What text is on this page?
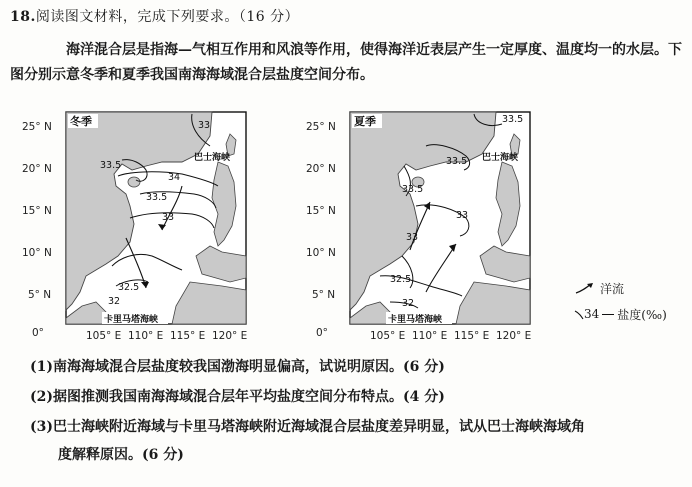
18.阅读图文材料，完成下列要求。（16 分）
海洋混合层是指海—气相互作用和风浪等作用，使得海洋近表层产生一定厚度、温度均一的水层。下图分别示意冬季和夏季我国南海海域混合层盐度空间分布。
25° N
20° N
15° N
10° N
5° N
0°
33.5
34
33.5
33
32.5
32
33
冬季
巴士海峡
卡里马塔海峡
105° E 110° E 115° E 120° E
25° N
20° N
15° N
10° N
5° N
0°
33.5
33.5
33.5
33
33
32.5
32
夏季
巴士海峡
卡里马塔海峡
105° E 110° E 115° E 120° E
洋流
34 盐度(‰)
(1)南海海域混合层盐度较我国渤海明显偏高，试说明原因。(6 分)
(2)据图推测我国南海海域混合层年平均盐度空间分布特点。(4 分)
(3)巴士海峡附近海域与卡里马塔海峡附近海域混合层盐度差异明显，试从巴士海峡海域角
度解释原因。(6 分)
